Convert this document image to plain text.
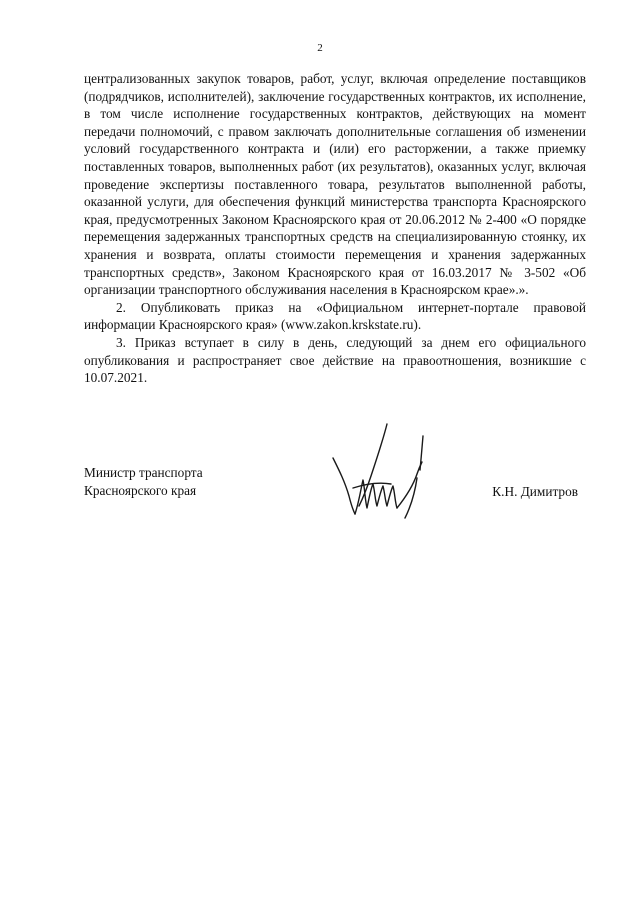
2

централизованных закупок товаров, работ, услуг, включая определение поставщиков (подрядчиков, исполнителей), заключение государственных контрактов, их исполнение, в том числе исполнение государственных контрактов, действующих на момент передачи полномочий, с правом заключать дополнительные соглашения об изменении условий государственного контракта и (или) его расторжении, а также приемку поставленных товаров, выполненных работ (их результатов), оказанных услуг, включая проведение экспертизы поставленного товара, результатов выполненной работы, оказанной услуги, для обеспечения функций министерства транспорта Красноярского края, предусмотренных Законом Красноярского края от 20.06.2012 № 2-400 «О порядке перемещения задержанных транспортных средств на специализированную стоянку, их хранения и возврата, оплаты стоимости перемещения и хранения задержанных транспортных средств», Законом Красноярского края от 16.03.2017 № 3-502 «Об организации транспортного обслуживания населения в Красноярском крае».».

2. Опубликовать приказ на «Официальном интернет-портале правовой информации Красноярского края» (www.zakon.krskstate.ru).

3. Приказ вступает в силу в день, следующий за днем его официального опубликования и распространяет свое действие на правоотношения, возникшие с 10.07.2021.

Министр транспорта
Красноярского края	К.Н. Димитров
